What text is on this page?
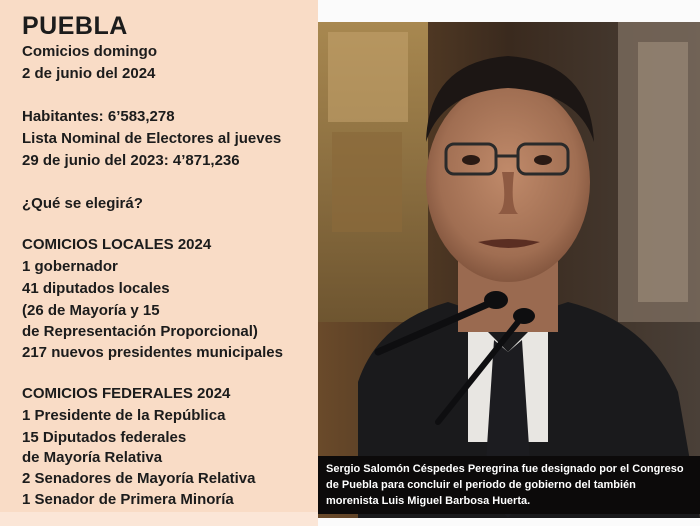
PUEBLA
Comicios domingo
2 de junio del 2024
Habitantes: 6’583,278
Lista Nominal de Electores al jueves
29 de junio del 2023: 4’871,236
¿Qué se elegirá?
COMICIOS LOCALES 2024
1 gobernador
41 diputados locales
(26 de Mayoría y 15
de Representación Proporcional)
217 nuevos presidentes municipales
COMICIOS FEDERALES 2024
1 Presidente de la República
15 Diputados federales
de Mayoría Relativa
2 Senadores de Mayoría Relativa
1 Senador de Primera Minoría
Sergio Salomón Céspedes Peregrina fue designado por el Congreso
de Puebla para concluir el periodo de gobierno del también
morenista Luis Miguel Barbosa Huerta.
